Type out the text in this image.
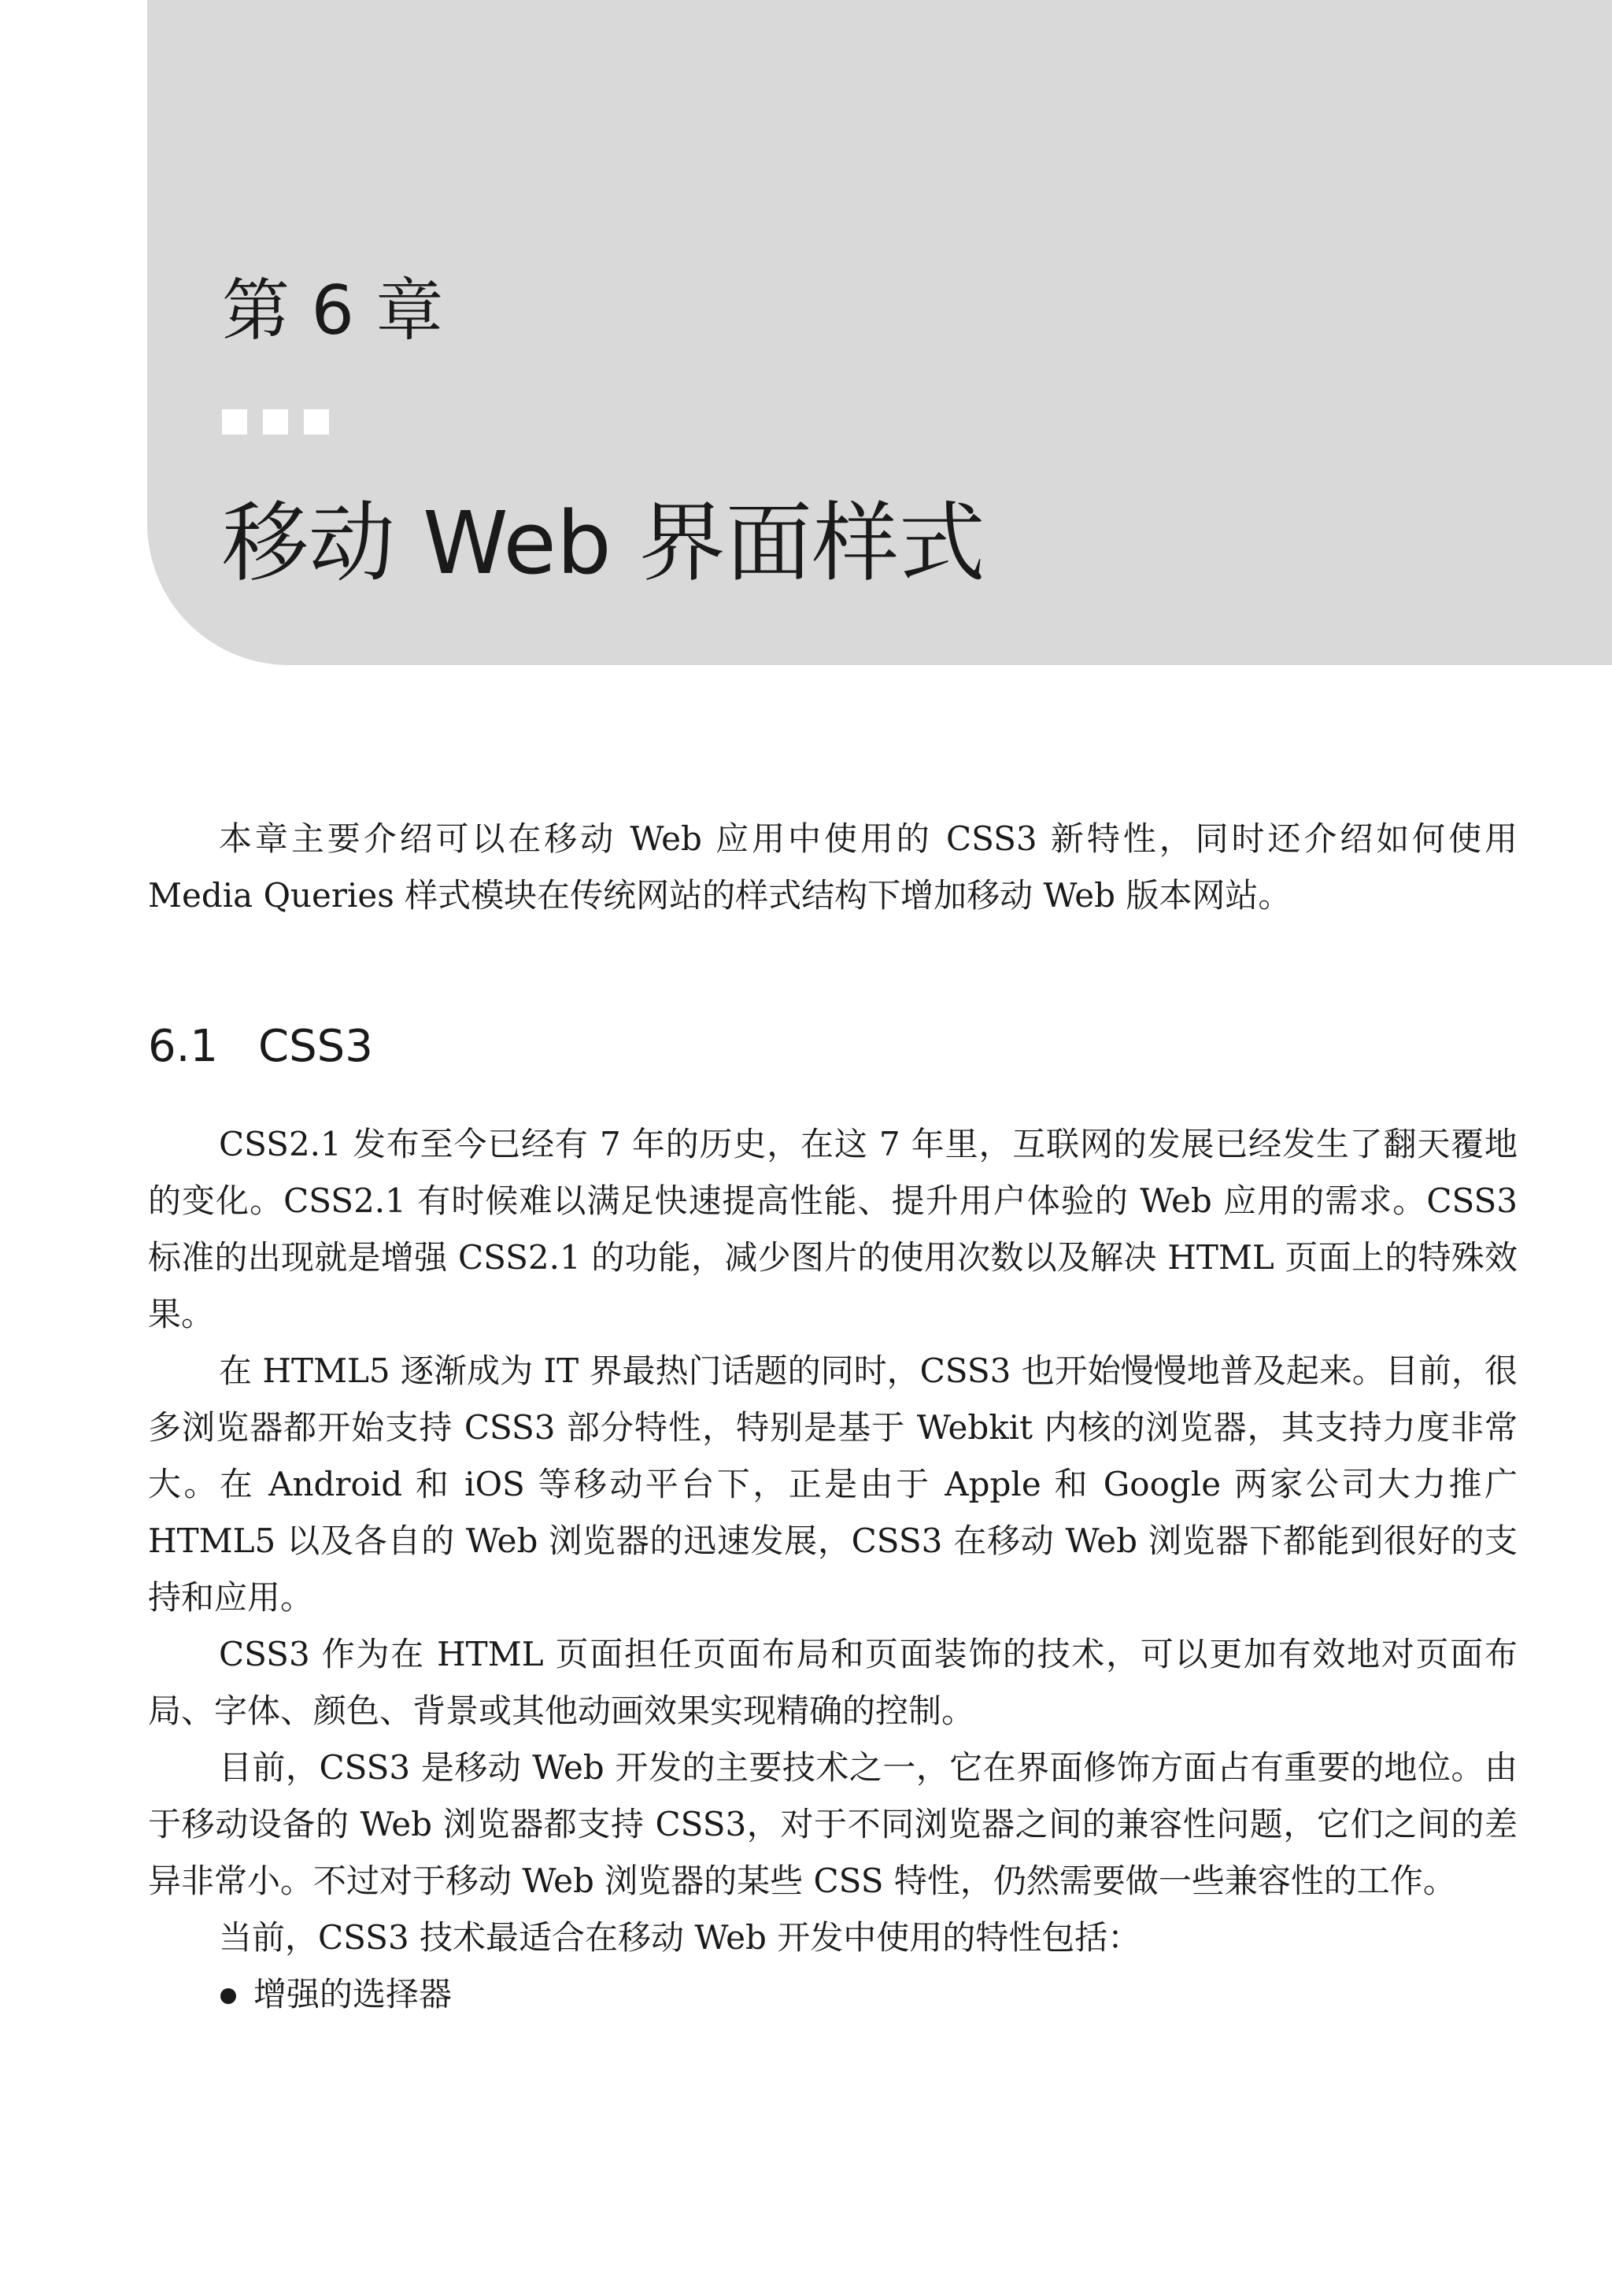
第 6 章
移动 Web 界面样式

本章主要介绍可以在移动 Web 应用中使用的 CSS3 新特性，同时还介绍如何使用 Media Queries 样式模块在传统网站的样式结构下增加移动 Web 版本网站。

6.1 CSS3

CSS2.1 发布至今已经有 7 年的历史，在这 7 年里，互联网的发展已经发生了翻天覆地的变化。CSS2.1 有时候难以满足快速提高性能、提升用户体验的 Web 应用的需求。CSS3 标准的出现就是增强 CSS2.1 的功能，减少图片的使用次数以及解决 HTML 页面上的特殊效果。

在 HTML5 逐渐成为 IT 界最热门话题的同时，CSS3 也开始慢慢地普及起来。目前，很多浏览器都开始支持 CSS3 部分特性，特别是基于 Webkit 内核的浏览器，其支持力度非常大。在 Android 和 iOS 等移动平台下，正是由于 Apple 和 Google 两家公司大力推广 HTML5 以及各自的 Web 浏览器的迅速发展，CSS3 在移动 Web 浏览器下都能到很好的支持和应用。

CSS3 作为在 HTML 页面担任页面布局和页面装饰的技术，可以更加有效地对页面布局、字体、颜色、背景或其他动画效果实现精确的控制。

目前，CSS3 是移动 Web 开发的主要技术之一，它在界面修饰方面占有重要的地位。由于移动设备的 Web 浏览器都支持 CSS3，对于不同浏览器之间的兼容性问题，它们之间的差异非常小。不过对于移动 Web 浏览器的某些 CSS 特性，仍然需要做一些兼容性的工作。

当前，CSS3 技术最适合在移动 Web 开发中使用的特性包括：

增强的选择器
